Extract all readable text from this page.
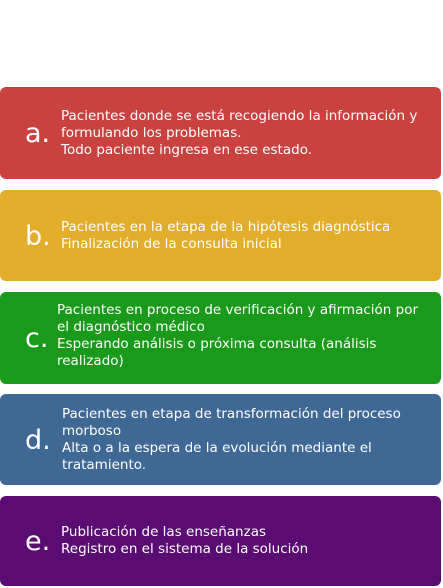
a.
Pacientes donde se está recogiendo la información y
formulando los problemas.
Todo paciente ingresa en ese estado.
b. Pacientes en la etapa de la hipótesis diagnóstica
Finalización de la consulta inicial
c.
Pacientes en proceso de verificación y afirmación por
el diagnóstico médico
Esperando análisis o próxima consulta (análisis
realizado)
d.
Pacientes en etapa de transformación del proceso
morboso
Alta o a la espera de la evolución mediante el
tratamiento.
e. Publicación de las enseñanzas
Registro en el sistema de la solución
